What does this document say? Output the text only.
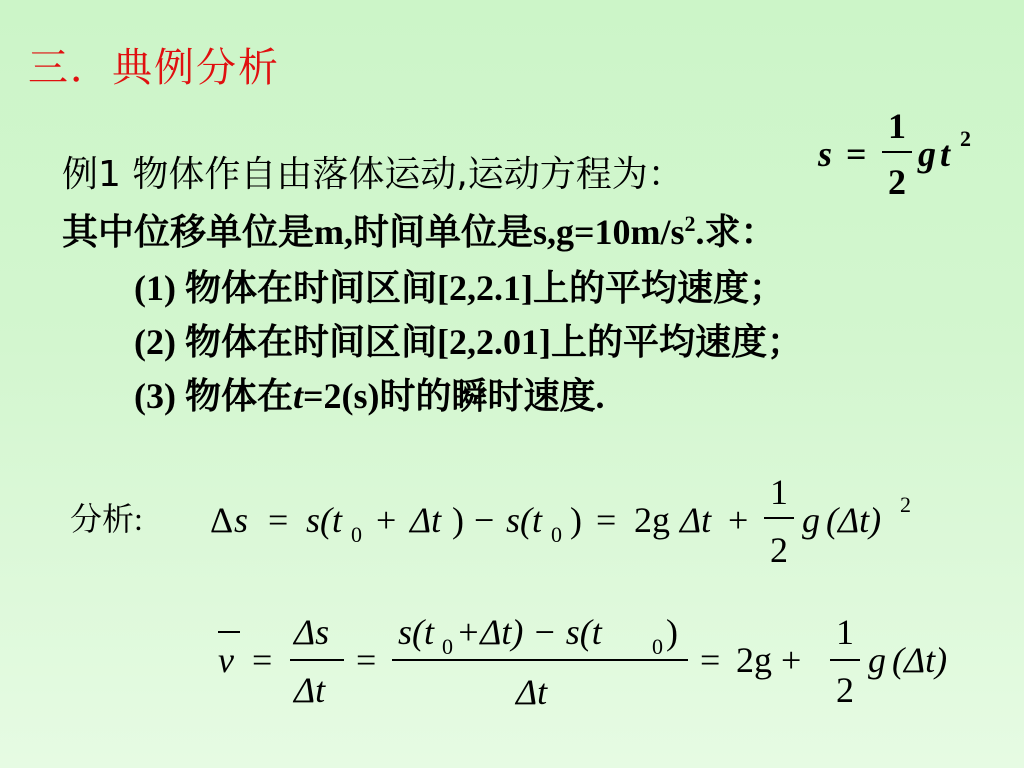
三．典例分析
例1 物体作自由落体运动,运动方程为：
其中位移单位是m,时间单位是$s,g=10m/s^2$.求：
(1) 物体在时间区间[2,2.1]上的平均速度；
(2) 物体在时间区间[2,2.01]上的平均速度；
(3) 物体在t=2(s)时的瞬时速度.
s =
1
2
g t 2
分析: Δ s = s(t 0 + Δt ) − s(t 0 ) = 2g Δt +
1
2
g (Δt) 2
v =
Δs
Δt
=
s(t 0 +Δt) − s(t 0 )
Δt
= 2g +
1
2
g (Δt)
